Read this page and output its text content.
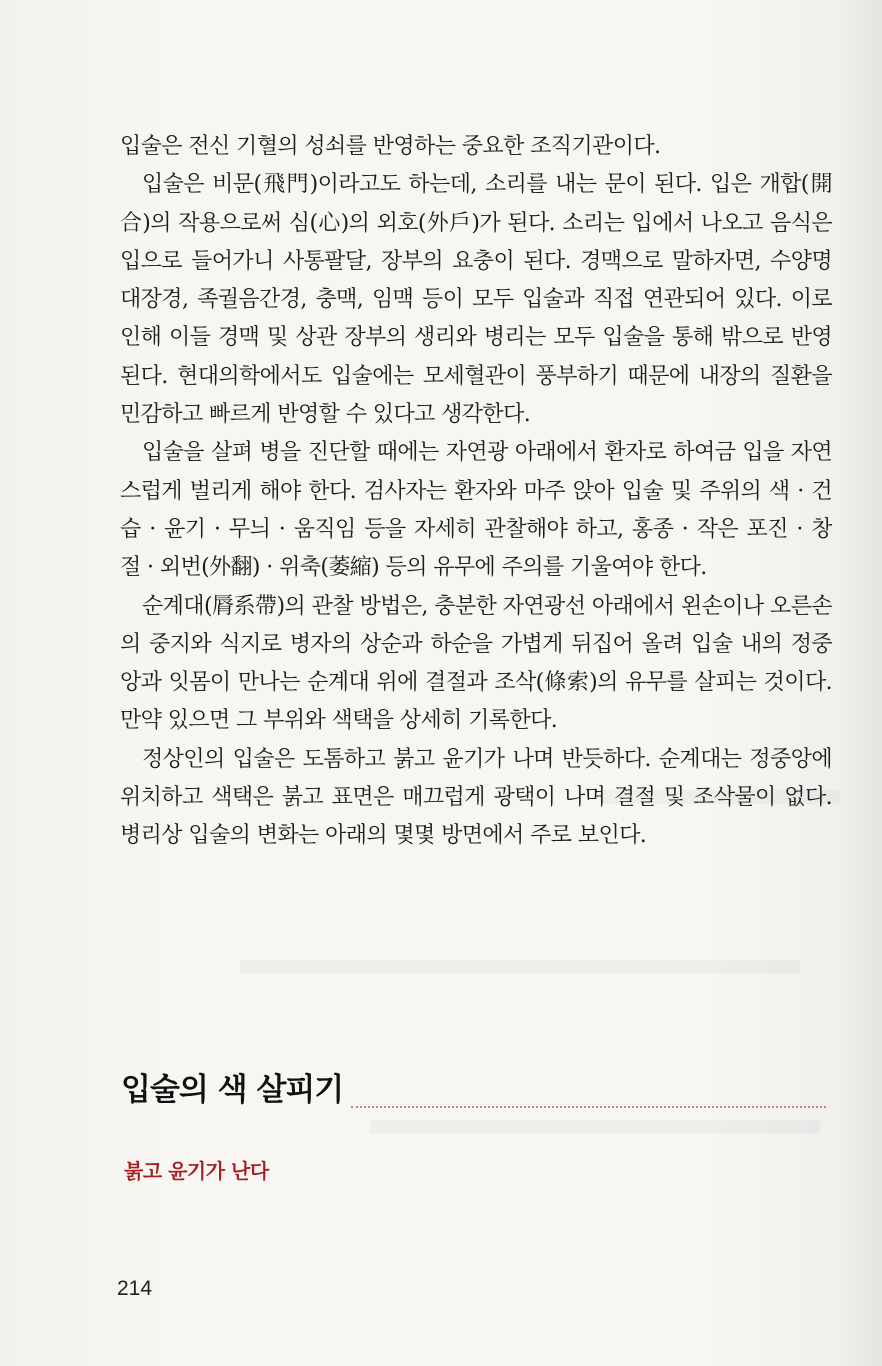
입술은 전신 기혈의 성쇠를 반영하는 중요한 조직기관이다.
입술은 비문(飛門)이라고도 하는데, 소리를 내는 문이 된다. 입은 개합(開
合)의 작용으로써 심(心)의 외호(外戶)가 된다. 소리는 입에서 나오고 음식은
입으로 들어가니 사통팔달, 장부의 요충이 된다. 경맥으로 말하자면, 수양명
대장경, 족궐음간경, 충맥, 임맥 등이 모두 입술과 직접 연관되어 있다. 이로
인해 이들 경맥 및 상관 장부의 생리와 병리는 모두 입술을 통해 밖으로 반영
된다. 현대의학에서도 입술에는 모세혈관이 풍부하기 때문에 내장의 질환을
민감하고 빠르게 반영할 수 있다고 생각한다.
입술을 살펴 병을 진단할 때에는 자연광 아래에서 환자로 하여금 입을 자연
스럽게 벌리게 해야 한다. 검사자는 환자와 마주 앉아 입술 및 주위의 색 · 건
습 · 윤기 · 무늬 · 움직임 등을 자세히 관찰해야 하고, 홍종 · 작은 포진 · 창
절 · 외번(外翻) · 위축(萎縮) 등의 유무에 주의를 기울여야 한다.
순계대(脣系帶)의 관찰 방법은, 충분한 자연광선 아래에서 왼손이나 오른손
의 중지와 식지로 병자의 상순과 하순을 가볍게 뒤집어 올려 입술 내의 정중
앙과 잇몸이 만나는 순계대 위에 결절과 조삭(條索)의 유무를 살피는 것이다.
만약 있으면 그 부위와 색택을 상세히 기록한다.
정상인의 입술은 도톰하고 붉고 윤기가 나며 반듯하다. 순계대는 정중앙에
위치하고 색택은 붉고 표면은 매끄럽게 광택이 나며 결절 및 조삭물이 없다.
병리상 입술의 변화는 아래의 몇몇 방면에서 주로 보인다.
입술의 색 살피기
붉고 윤기가 난다
214
